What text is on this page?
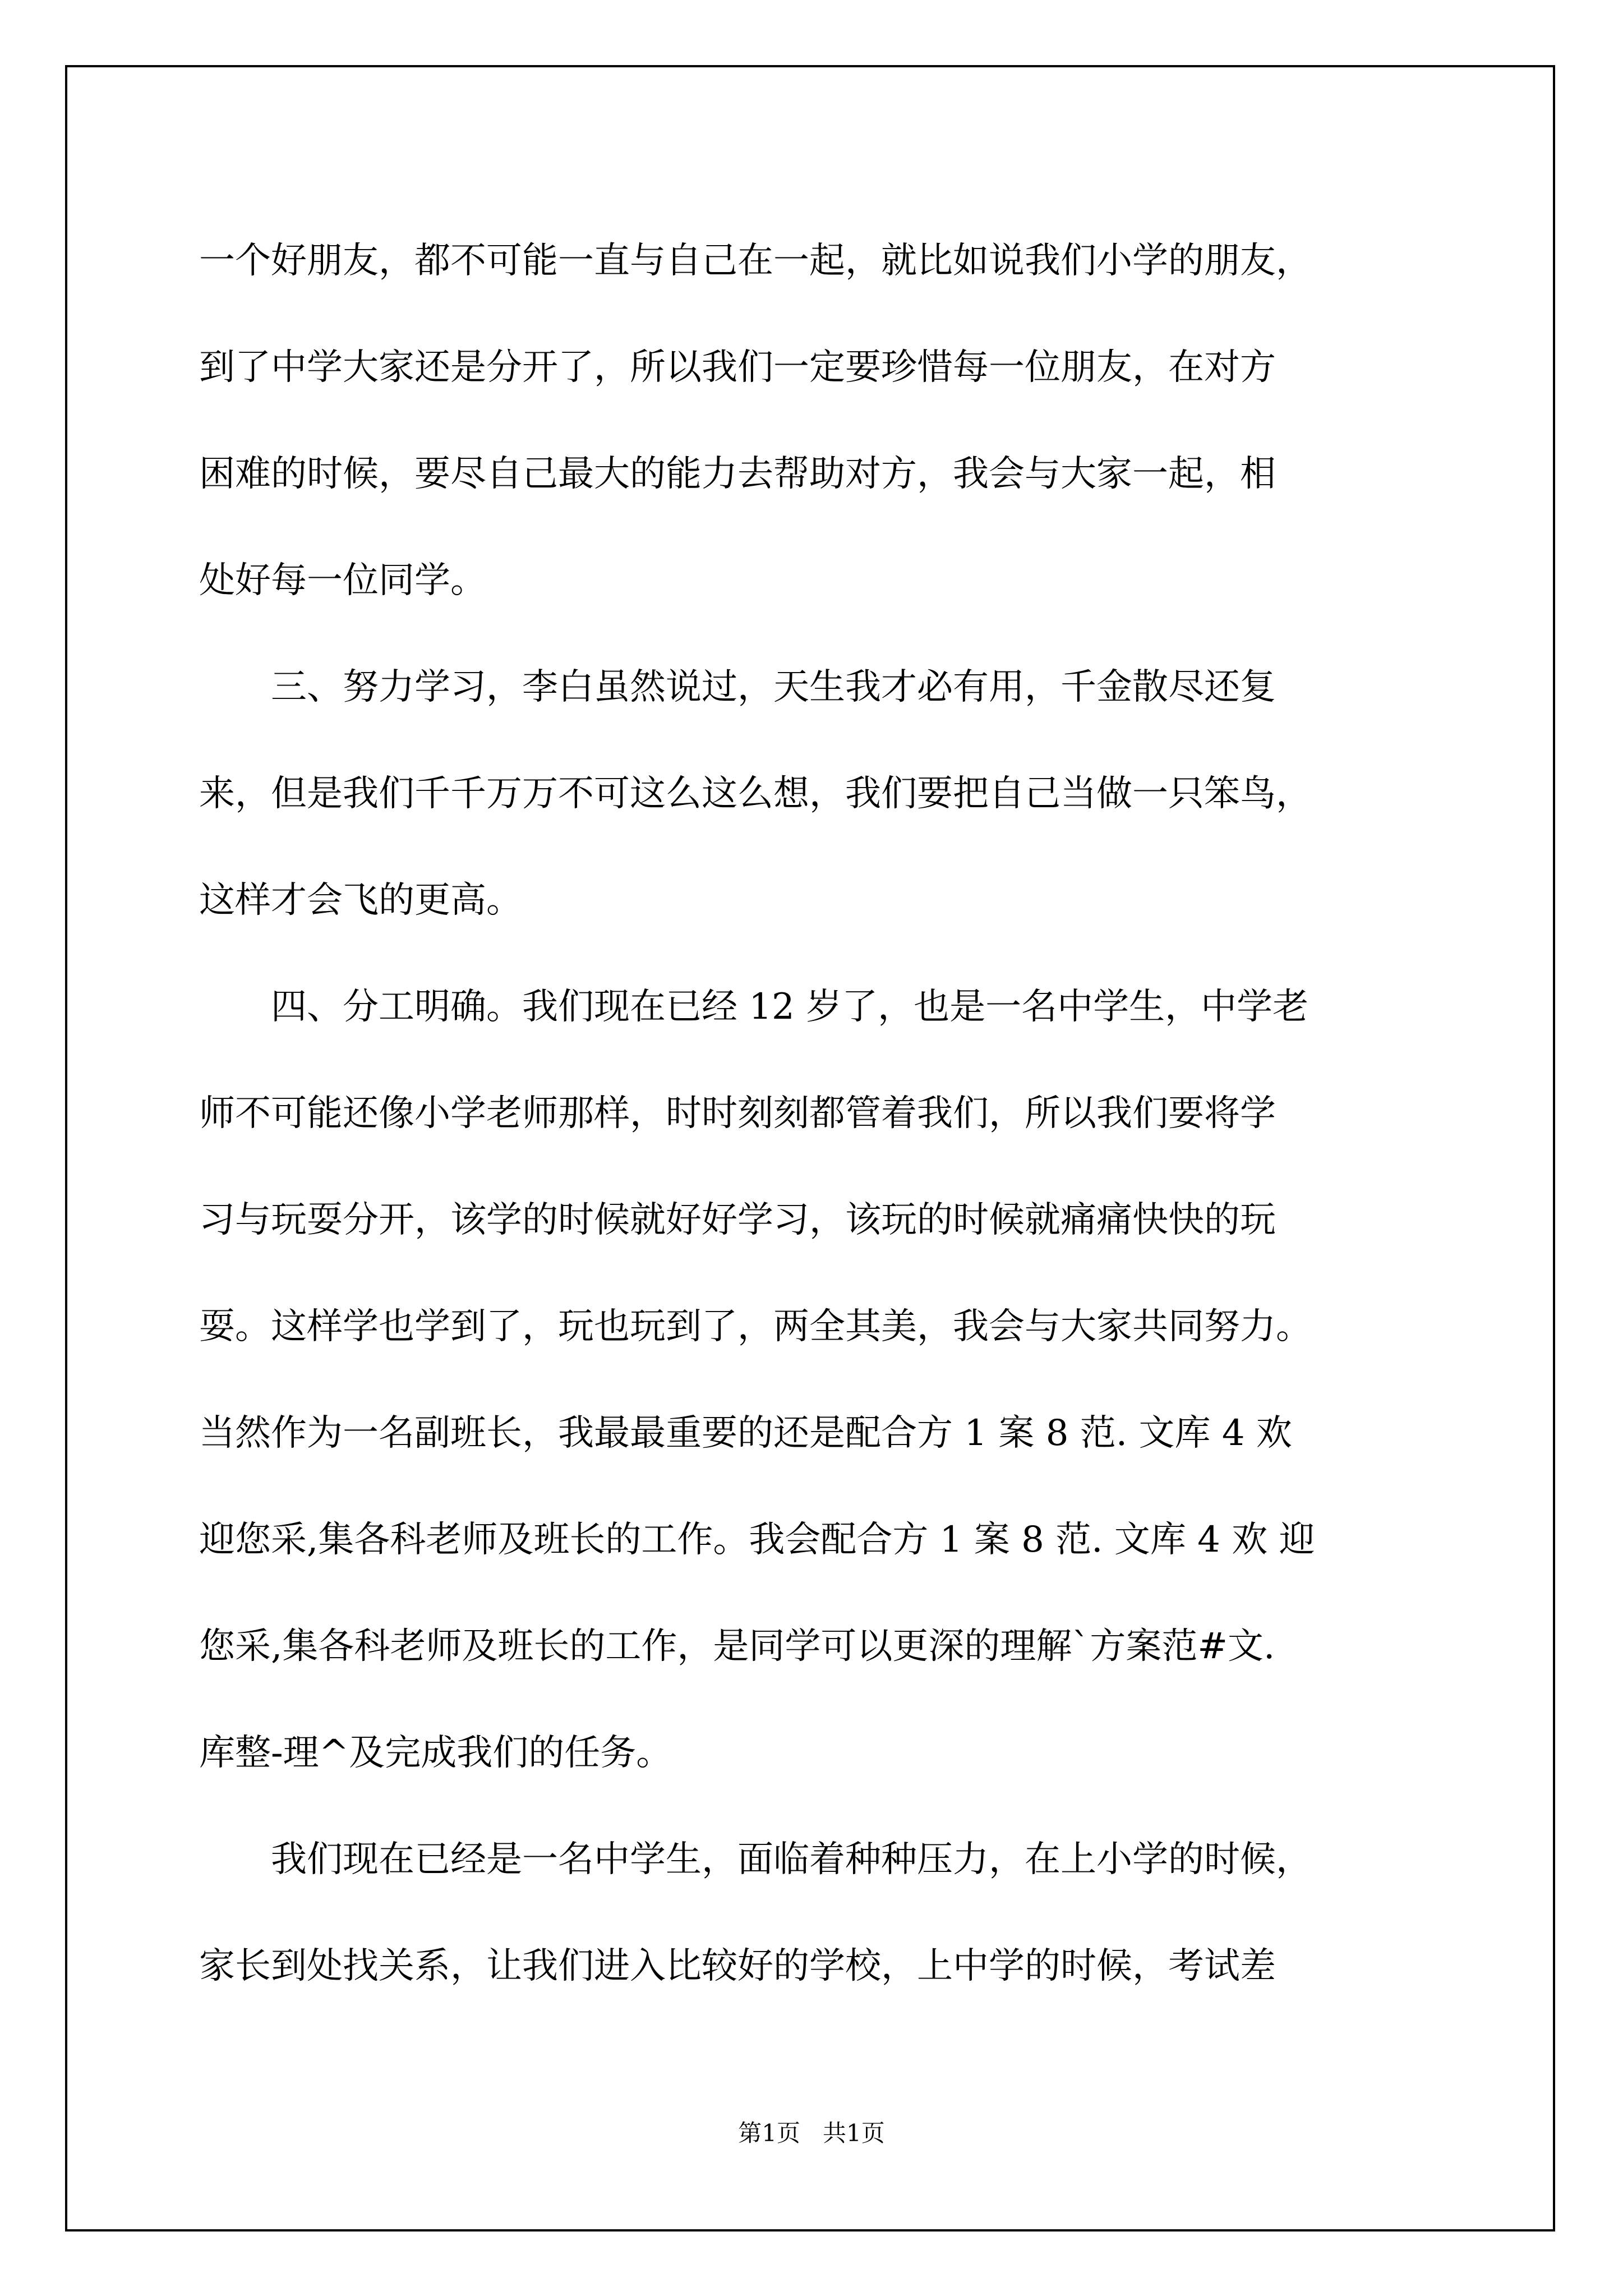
一个好朋友，都不可能一直与自己在一起，就比如说我们小学的朋友，
到了中学大家还是分开了，所以我们一定要珍惜每一位朋友，在对方
困难的时候，要尽自己最大的能力去帮助对方，我会与大家一起，相
处好每一位同学。
　　三、努力学习，李白虽然说过，天生我才必有用，千金散尽还复
来，但是我们千千万万不可这么这么想，我们要把自己当做一只笨鸟，
这样才会飞的更高。
　　四、分工明确。我们现在已经 12 岁了，也是一名中学生，中学老
师不可能还像小学老师那样，时时刻刻都管着我们，所以我们要将学
习与玩耍分开，该学的时候就好好学习，该玩的时候就痛痛快快的玩
耍。这样学也学到了，玩也玩到了，两全其美，我会与大家共同努力。
当然作为一名副班长，我最最重要的还是配合方 1 案 8 范. 文库 4 欢
迎您采,集各科老师及班长的工作。我会配合方 1 案 8 范. 文库 4 欢 迎
您采,集各科老师及班长的工作，是同学可以更深的理解`方案范#文.
库整-理^及完成我们的任务。
　　我们现在已经是一名中学生，面临着种种压力，在上小学的时候，
家长到处找关系，让我们进入比较好的学校，上中学的时候，考试差
第1页   共1页
